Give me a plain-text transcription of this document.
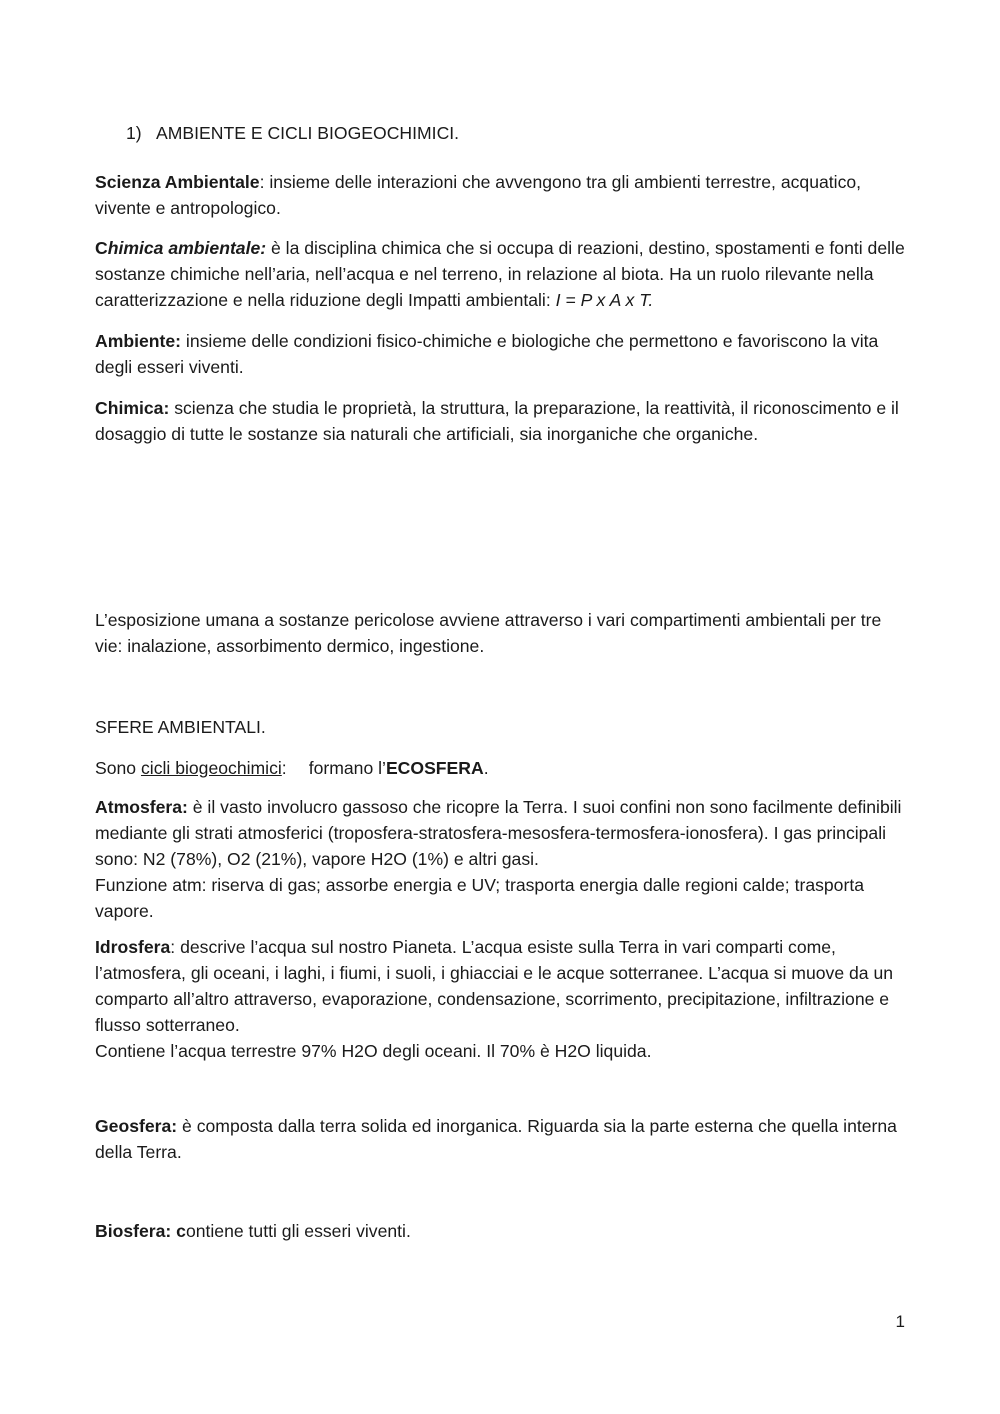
1) AMBIENTE E CICLI BIOGEOCHIMICI.

Scienza Ambientale: insieme delle interazioni che avvengono tra gli ambienti terrestre, acquatico, vivente e antropologico.

Chimica ambientale: è la disciplina chimica che si occupa di reazioni, destino, spostamenti e fonti delle sostanze chimiche nell’aria, nell’acqua e nel terreno, in relazione al biota. Ha un ruolo rilevante nella caratterizzazione e nella riduzione degli Impatti ambientali: I = P x A x T.

Ambiente: insieme delle condizioni fisico-chimiche e biologiche che permettono e favoriscono la vita degli esseri viventi.

Chimica: scienza che studia le proprietà, la struttura, la preparazione, la reattività, il riconoscimento e il dosaggio di tutte le sostanze sia naturali che artificiali, sia inorganiche che organiche.

L’esposizione umana a sostanze pericolose avviene attraverso i vari compartimenti ambientali per tre vie: inalazione, assorbimento dermico, ingestione.

SFERE AMBIENTALI.

Sono cicli biogeochimici: formano l’ECOSFERA.

Atmosfera: è il vasto involucro gassoso che ricopre la Terra. I suoi confini non sono facilmente definibili mediante gli strati atmosferici (troposfera-stratosfera-mesosfera-termosfera-ionosfera). I gas principali sono: N2 (78%), O2 (21%), vapore H2O (1%) e altri gasi.
Funzione atm: riserva di gas; assorbe energia e UV; trasporta energia dalle regioni calde; trasporta vapore.
Idrosfera: descrive l’acqua sul nostro Pianeta. L’acqua esiste sulla Terra in vari comparti come, l’atmosfera, gli oceani, i laghi, i fiumi, i suoli, i ghiacciai e le acque sotterranee. L’acqua si muove da un comparto all’altro attraverso, evaporazione, condensazione, scorrimento, precipitazione, infiltrazione e flusso sotterraneo.
Contiene l’acqua terrestre 97% H2O degli oceani. Il 70% è H2O liquida.

Geosfera: è composta dalla terra solida ed inorganica. Riguarda sia la parte esterna che quella interna della Terra.

Biosfera: contiene tutti gli esseri viventi.

1
